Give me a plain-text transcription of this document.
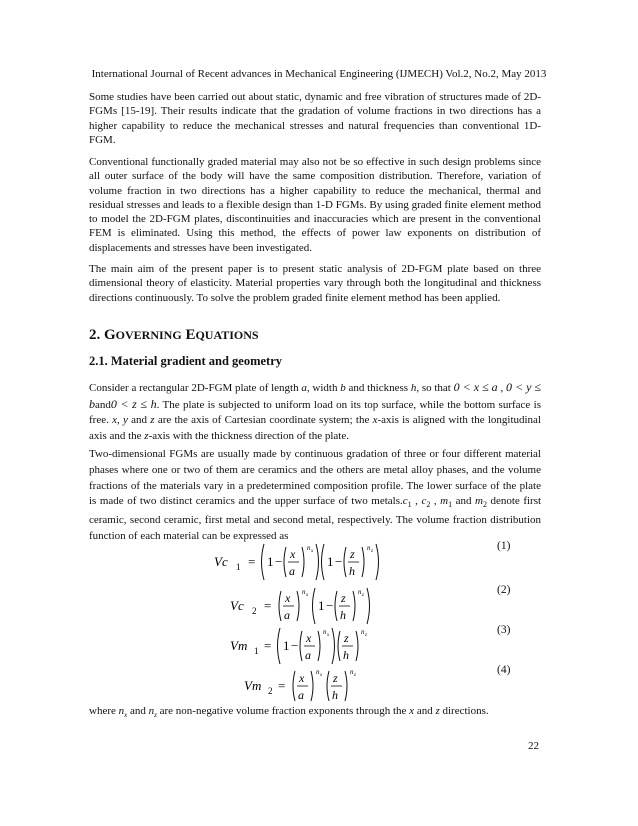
International Journal of Recent advances in Mechanical Engineering (IJMECH) Vol.2, No.2, May 2013

Some studies have been carried out about static, dynamic and free vibration of structures made of 2D-FGMs [15-19]. Their results indicate that the gradation of volume fractions in two directions has a higher capability to reduce the mechanical stresses and natural frequencies than conventional 1D-FGM.

Conventional functionally graded material may also not be so effective in such design problems since all outer surface of the body will have the same composition distribution. Therefore, variation of volume fraction in two directions has a higher capability to reduce the mechanical, thermal and residual stresses and leads to a flexible design than 1-D FGMs. By using graded finite element method to model the 2D-FGM plates, discontinuities and inaccuracies which are present in the conventional FEM is eliminated. Using this method, the effects of power law exponents on distribution of displacements and stresses have been investigated.

The main aim of the present paper is to present static analysis of 2D-FGM plate based on three dimensional theory of elasticity. Material properties vary through both the longitudinal and thickness directions continuously. To solve the problem graded finite element method has been applied.

2. GOVERNING EQUATIONS
2.1. Material gradient and geometry

Consider a rectangular 2D-FGM plate of length a, width b and thickness h, so that 0 < x ≤ a , 0 < y ≤ band0 < z ≤ h. The plate is subjected to uniform load on its top surface, while the bottom surface is free. x, y and z are the axis of Cartesian coordinate system; the x-axis is aligned with the longitudinal axis and the z-axis with the thickness direction of the plate.

Two-dimensional FGMs are usually made by continuous gradation of three or four different material phases where one or two of them are ceramics and the others are metal alloy phases, and the volume fractions of the materials vary in a predetermined composition profile. The lower surface of the plate is made of two distinct ceramics and the upper surface of two $metals.c_1$ , $c_2$ , $m_1$ and $m_2$ denote first ceramic, second ceramic, first metal and second metal, respectively. The volume fraction distribution function of each material can be expressed as

Vc 1 = 1 − x
a
n x
1 − z
h
n z	(1)
Vc 2 = x
a
n x
1 − z
h
n z	(2)
Vm 1 = 1 − x
a
n x z
h
n z	(3)
Vm 2 = x
a
n x z
h
n z	(4)

where $n_x$ and $n_z$ are non-negative volume fraction exponents through the x and z directions.

22
